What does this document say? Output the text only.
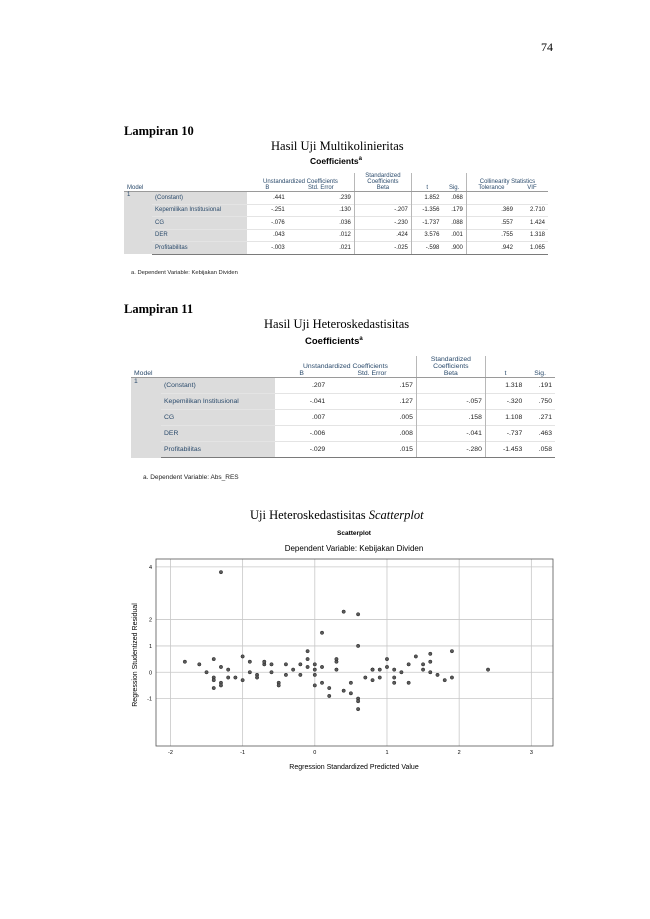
74
Lampiran 10
Hasil Uji Multikolinieritas
Coefficients$^a$
		Unstandardized Coefficients		Standardized Coefficients			Collinearity Statistics	
Model		B	Std. Error	Beta	t	Sig.	Tolerance	VIF
1	(Constant)	.441	.239		1.852	.068		
	Kepemilikan Institusional	-.251	.130	-.207	-1.356	.179	.369	2.710
	CG	-.076	.036	-.230	-1.737	.088	.557	1.424
	DER	.043	.012	.424	3.576	.001	.755	1.318
	Profitabilitas	-.003	.021	-.025	-.598	.900	.942	1.065
a. Dependent Variable: Kebijakan Dividen
Lampiran 11
Hasil Uji Heteroskedastisitas
Coefficients$^a$
		Unstandardized Coefficients		Standardized Coefficients		
Model		B	Std. Error	Beta	t	Sig.
1	(Constant)	.207	.157		1.318	.191
	Kepemilikan Institusional	-.041	.127	-.057	-.320	.750
	CG	.007	.005	.158	1.108	.271
	DER	-.006	.008	-.041	-.737	.463
	Profitabilitas	-.029	.015	-.280	-1.453	.058
a. Dependent Variable: Abs_RES
Uji Heteroskedastisitas Scatterplot
Scatterplot
Dependent Variable: Kebijakan Dividen
-2	-1	0	1	2	3
-1
0
1
2
4
Regression Standardized Predicted Value
Regression Studentized Residual
